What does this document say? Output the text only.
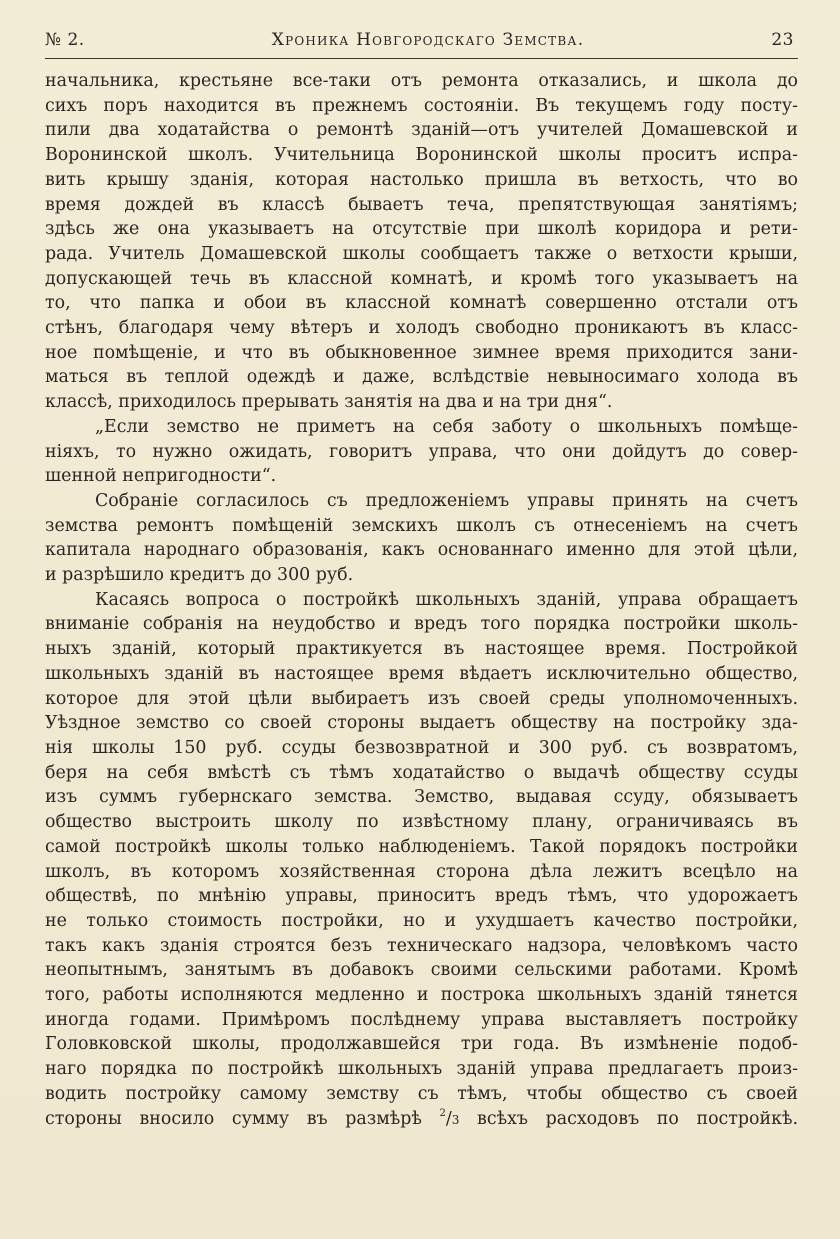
№ 2.	Хроника Новгородскаго Земства.	23

начальника, крестьяне все-таки отъ ремонта отказались, и школа до
сихъ поръ находится въ прежнемъ состояніи. Въ текущемъ году посту-
пили два ходатайства о ремонтѣ зданій—отъ учителей Домашевской и
Воронинской школъ. Учительница Воронинской школы проситъ испра-
вить крышу зданія, которая настолько пришла въ ветхость, что во
время дождей въ классѣ бываетъ теча, препятствующая занятіямъ;
здѣсь же она указываетъ на отсутствіе при школѣ коридора и рети-
рада. Учитель Домашевской школы сообщаетъ также о ветхости крыши,
допускающей течь въ классной комнатѣ, и кромѣ того указываетъ на
то, что папка и обои въ классной комнатѣ совершенно отстали отъ
стѣнъ, благодаря чему вѣтеръ и холодъ свободно проникаютъ въ класс-
ное помѣщеніе, и что въ обыкновенное зимнее время приходится зани-
маться въ теплой одеждѣ и даже, вслѣдствіе невыносимаго холода въ
классѣ, приходилось прерывать занятія на два и на три дня“.

„Если земство не приметъ на себя заботу о школьныхъ помѣще-
ніяхъ, то нужно ожидать, говоритъ управа, что они дойдутъ до совер-
шенной непригодности“.

Собраніе согласилось съ предложеніемъ управы принять на счетъ
земства ремонтъ помѣщеній земскихъ школъ съ отнесеніемъ на счетъ
капитала народнаго образованія, какъ основаннаго именно для этой цѣли,
и разрѣшило кредитъ до 300 руб.

Касаясь вопроса о постройкѣ школьныхъ зданій, управа обращаетъ
вниманіе собранія на неудобство и вредъ того порядка постройки школь-
ныхъ зданій, который практикуется въ настоящее время. Постройкой
школьныхъ зданій въ настоящее время вѣдаетъ исключительно общество,
которое для этой цѣли выбираетъ изъ своей среды уполномоченныхъ.
Уѣздное земство со своей стороны выдаетъ обществу на постройку зда-
нія школы 150 руб. ссуды безвозвратной и 300 руб. съ возвратомъ,
беря на себя вмѣстѣ съ тѣмъ ходатайство о выдачѣ обществу ссуды
изъ суммъ губернскаго земства. Земство, выдавая ссуду, обязываетъ
общество выстроить школу по извѣстному плану, ограничиваясь въ
самой постройкѣ школы только наблюденіемъ. Такой порядокъ постройки
школъ, въ которомъ хозяйственная сторона дѣла лежитъ всецѣло на
обществѣ, по мнѣнію управы, приноситъ вредъ тѣмъ, что удорожаетъ
не только стоимость постройки, но и ухудшаетъ качество постройки,
такъ какъ зданія строятся безъ техническаго надзора, человѣкомъ часто
неопытнымъ, занятымъ въ добавокъ своими сельскими работами. Кромѣ
того, работы исполняются медленно и построка школьныхъ зданій тянется
иногда годами. Примѣромъ послѣднему управа выставляетъ постройку
Головковской школы, продолжавшейся три года. Въ измѣненіе подоб-
наго порядка по постройкѣ школьныхъ зданій управа предлагаетъ произ-
водить постройку самому земству съ тѣмъ, чтобы общество съ своей
стороны вносило сумму въ размѣрѣ $^2$/3 всѣхъ расходовъ по постройкѣ.
